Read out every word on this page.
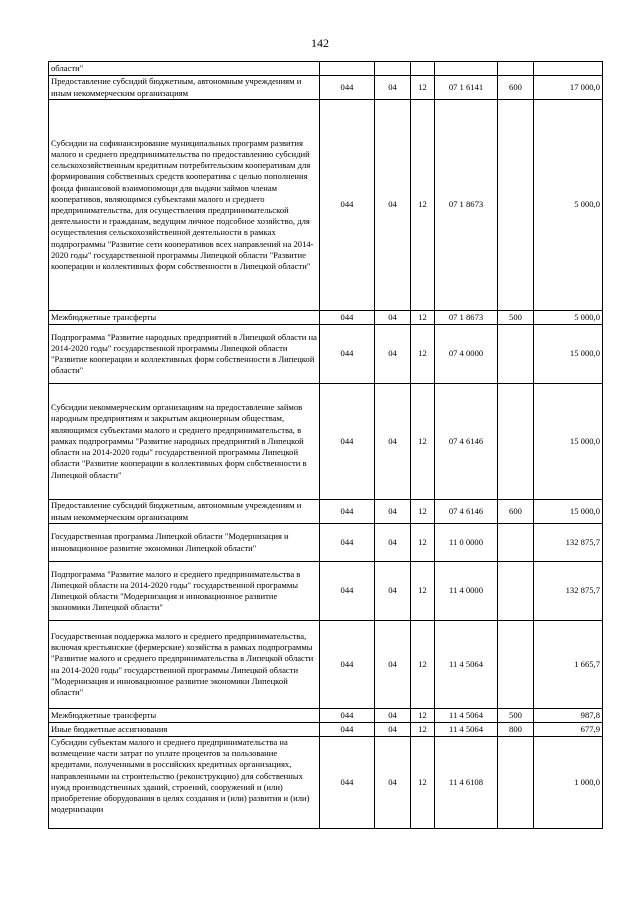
142
области"						
Предоставление субсидий бюджетным, автономным учреждениям и иным некоммерческим организациям	044	04	12	07 1 6141	600	17 000,0
Субсидии на софинансирование муниципальных программ развития малого и среднего предпринимательства по предоставлению субсидий сельскохозяйственным кредитным потребительским кооперативам для формирования собственных средств кооператива с целью пополнения фонда финансовой взаимопомощи для выдачи займов членам кооперативов, являющимся субъектами малого и среднего предпринимательства, для осуществления предпринимательской деятельности и гражданам, ведущим личное подсобное хозяйство, для осуществления сельскохозяйственной деятельности в рамках подпрограммы "Развитие сети кооперативов всех направлений на 2014-2020 годы" государственной программы Липецкой области "Развитие кооперации и коллективных форм собственности в Липецкой области"	044	04	12	07 1 8673		5 000,0
Межбюджетные трансферты	044	04	12	07 1 8673	500	5 000,0
Подпрограмма "Развитие народных предприятий в Липецкой области на 2014-2020 годы" государственной программы Липецкой области "Развитие кооперации и коллективных форм собственности в Липецкой области"	044	04	12	07 4 0000		15 000,0
Субсидии некоммерческим организациям на предоставление займов народным предприятиям и закрытым акционерным обществам, являющимся субъектами малого и среднего предпринимательства, в рамках подпрограммы "Развитие народных предприятий в Липецкой области на 2014-2020 годы" государственной программы Липецкой области "Развитие кооперации в коллективных форм собственности в Липецкой области"	044	04	12	07 4 6146		15 000,0
Предоставление субсидий бюджетным, автономным учреждениям и иным некоммерческим организациям	044	04	12	07 4 6146	600	15 000,0
Государственная программа Липецкой области "Модернизация и инновационное развитие экономики Липецкой области"	044	04	12	11 0 0000		132 875,7
Подпрограмма "Развитие малого и среднего предпринимательства в Липецкой области на 2014-2020 годы" государственной программы Липецкой области "Модернизация и инновационное развитие экономики Липецкой области"	044	04	12	11 4 0000		132 875,7
Государственная поддержка малого и среднего предпринимательства, включая крестьянские (фермерские) хозяйства в рамках подпрограммы "Развитие малого и среднего предпринимательства в Липецкой области на 2014-2020 годы" государственной программы Липецкой области "Модернизация и инновационное развитие экономики Липецкой области"	044	04	12	11 4 5064		1 665,7
Межбюджетные трансферты	044	04	12	11 4 5064	500	987,8
Иные бюджетные ассигнования	044	04	12	11 4 5064	800	677,9

Субсидии субъектам малого и среднего предпринимательства на возмещение части затрат по уплате процентов за пользование кредитами, полученными в российских кредитных организациях, направленными на строительство (реконструкцию) для собственных нужд производственных зданий, строений, сооружений и (или) приобретение оборудования в целях создания и (или) развития и (или) модернизации	044	04	12	11 4 6108		1 000,0
